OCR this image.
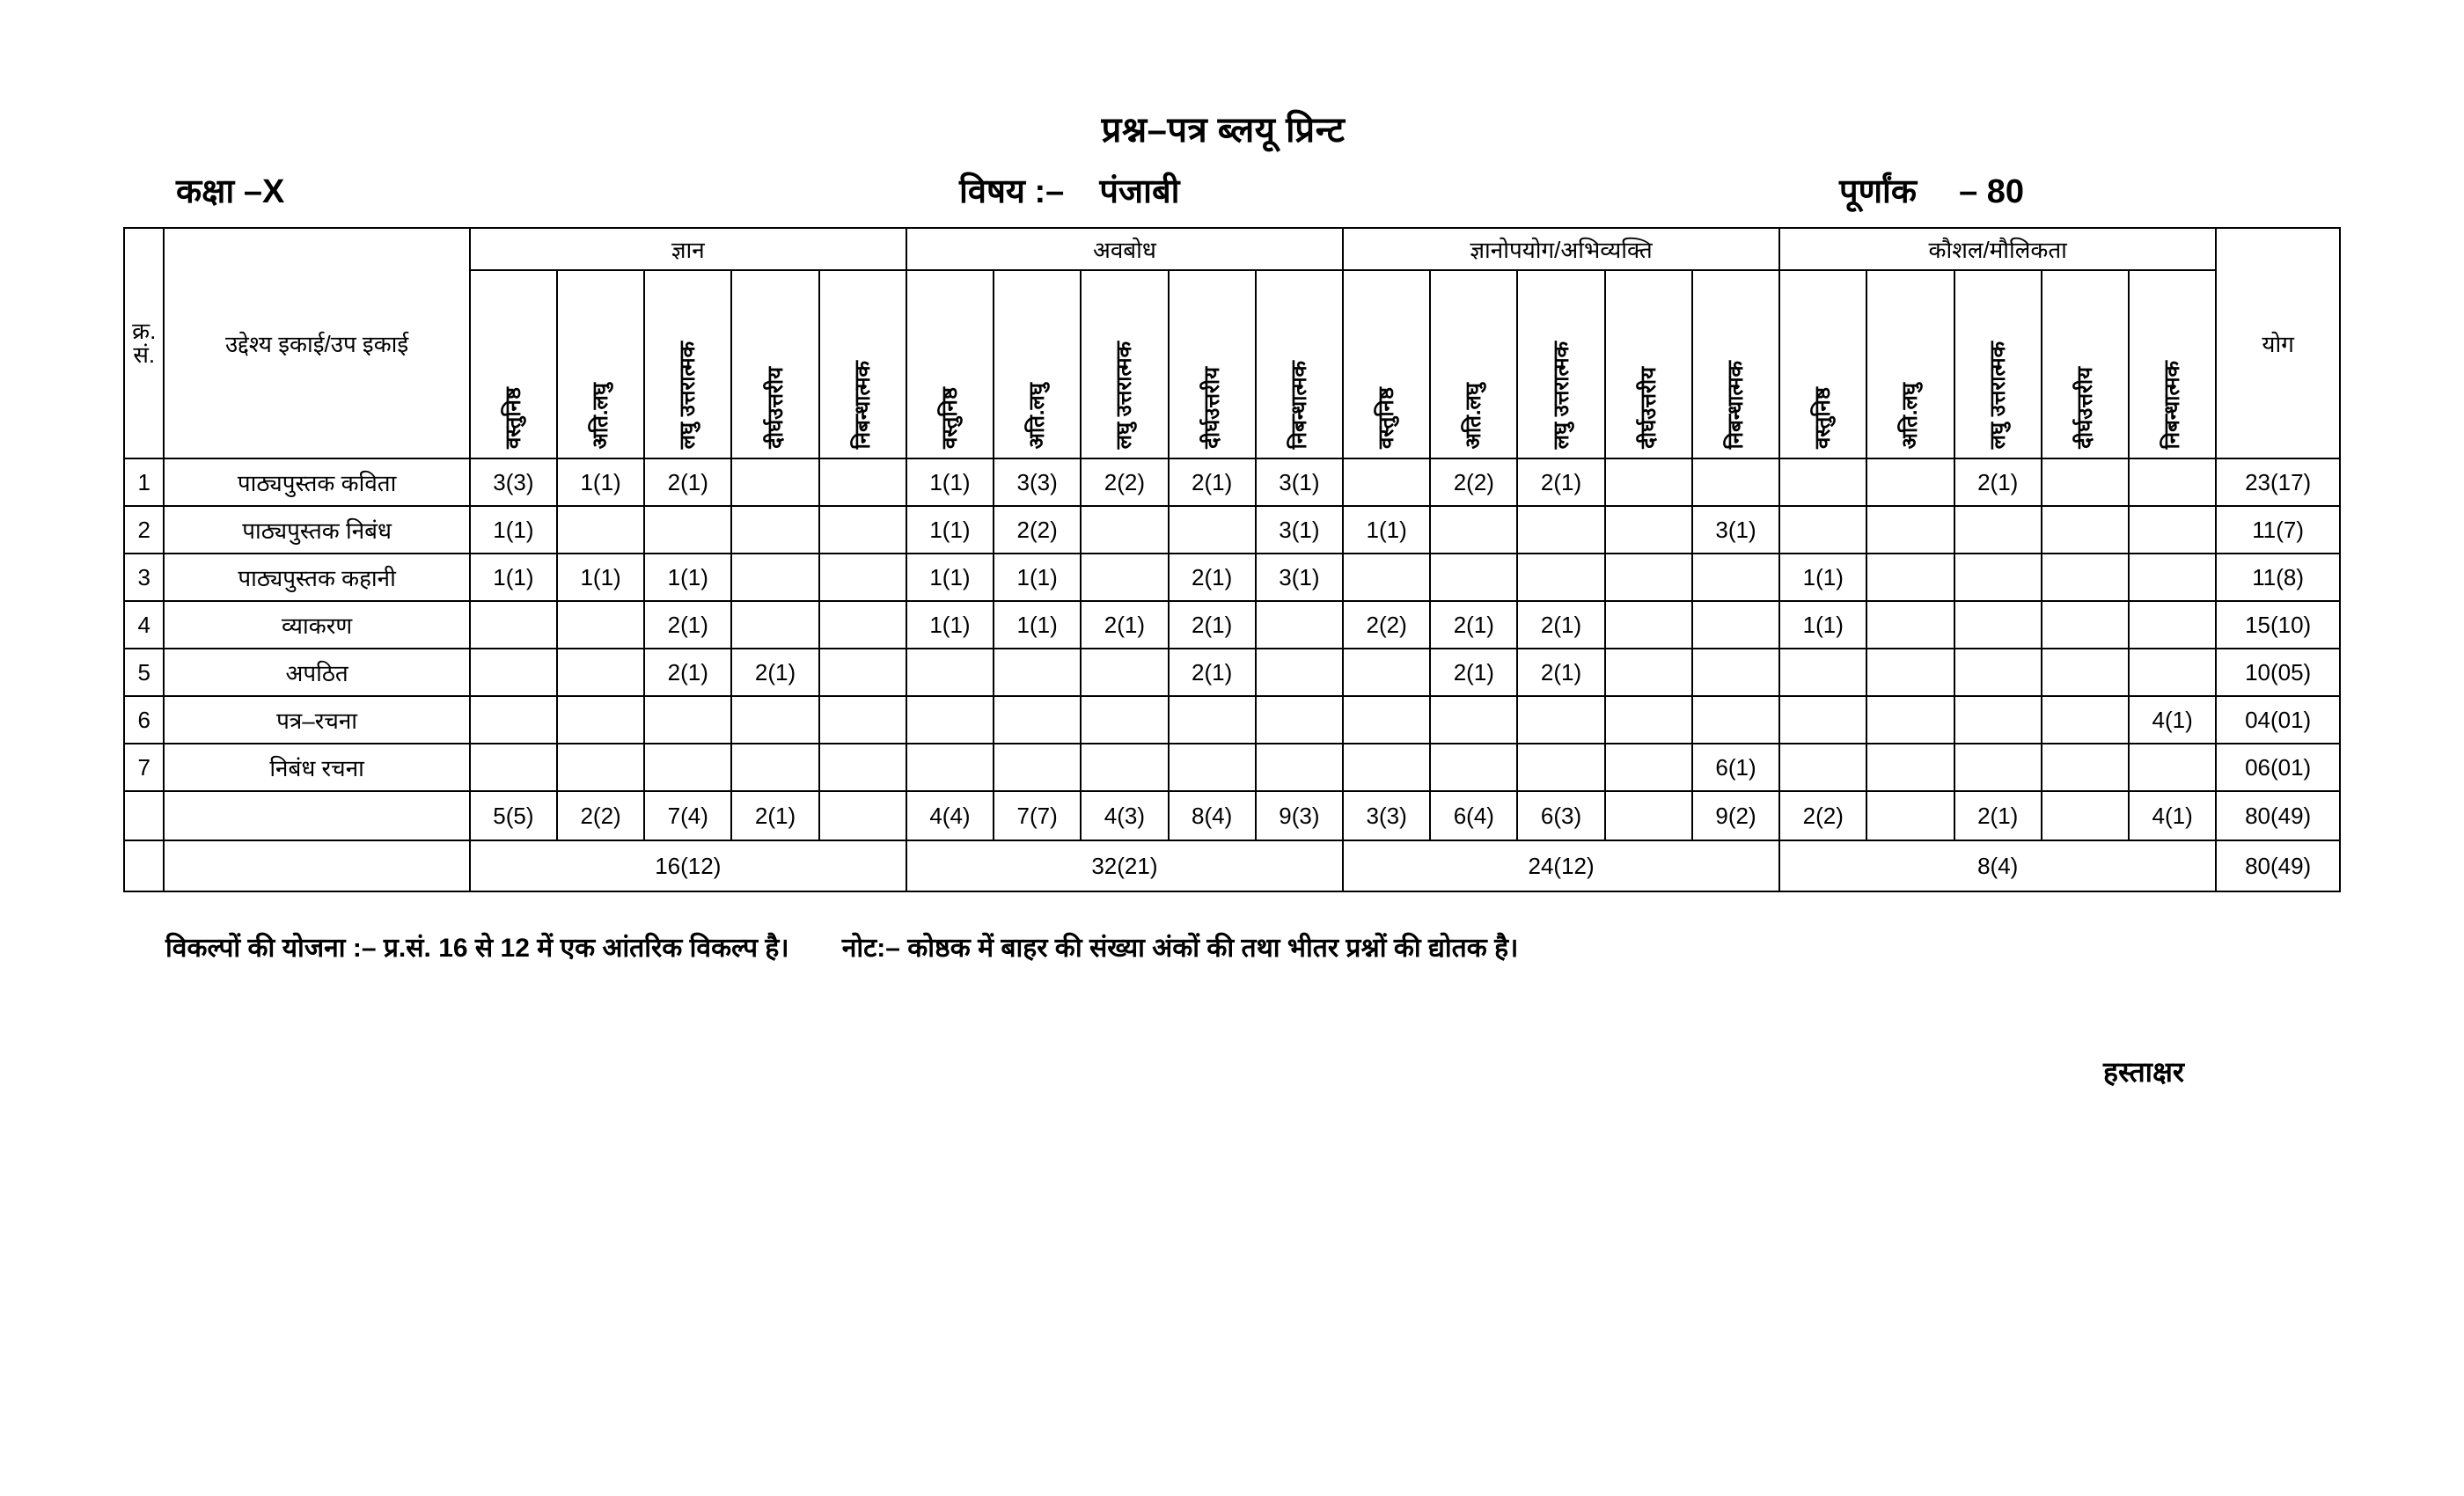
प्रश्न–पत्र ब्लयू प्रिन्ट
कक्षा –X	विषय :– पंजाबी	पूर्णांक – 80
क्र.
सं.	उद्देश्य इकाई/उप इकाई	ज्ञान					अवबोध					ज्ञानोपयोग/अभिव्यक्ति					कौशल/मौलिकता					योग

		वस्तुनिष्ठ	अति.लघु	लघु उत्तरात्मक	दीर्घउत्तरीय	निबन्धात्मक	वस्तुनिष्ठ	अति.लघु	लघु उत्तरात्मक	दीर्घउत्तरीय	निबन्धात्मक	वस्तुनिष्ठ	अति.लघु	लघु उत्तरात्मक	दीर्घउत्तरीय	निबन्धात्मक	वस्तुनिष्ठ	अति.लघु	लघु उत्तरात्मक	दीर्घउत्तरीय	निबन्धात्मक	

1	पाठ्यपुस्तक कविता	3(3)	1(1)	2(1)			1(1)	3(3)	2(2)	2(1)	3(1)		2(2)	2(1)					2(1)			23(17)
2	पाठ्यपुस्तक निबंध	1(1)					1(1)	2(2)			3(1)	1(1)				3(1)						11(7)
3	पाठ्यपुस्तक कहानी	1(1)	1(1)	1(1)			1(1)	1(1)		2(1)	3(1)						1(1)					11(8)
4	व्याकरण			2(1)			1(1)	1(1)	2(1)	2(1)		2(2)	2(1)	2(1)			1(1)					15(10)
5	अपठित			2(1)	2(1)					2(1)			2(1)	2(1)								10(05)
6	पत्र–रचना																				4(1)	04(01)
7	निबंध रचना															6(1)						06(01)
		5(5)	2(2)	7(4)	2(1)		4(4)	7(7)	4(3)	8(4)	9(3)	3(3)	6(4)	6(3)		9(2)	2(2)		2(1)		4(1)	80(49)
		16(12)					32(21)					24(12)					8(4)					80(49)
विकल्पों की योजना :– प्र.सं. 16 से 12 में एक आंतरिक विकल्प है। नोट:– कोष्ठक में बाहर की संख्या अंकों की तथा भीतर प्रश्नों की द्योतक है।
हस्ताक्षर
